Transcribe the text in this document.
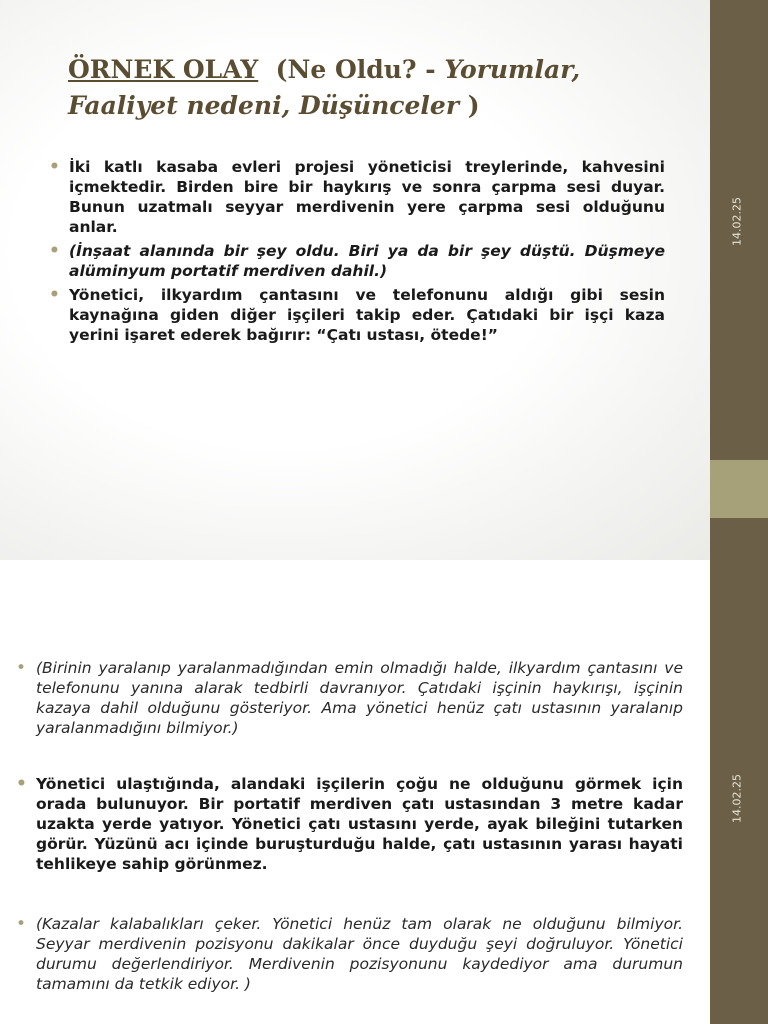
14.02.25
14.02.25
ÖRNEK OLAY (Ne Oldu? - Yorumlar, Faaliyet nedeni, Düşünceler )
• İki katlı kasaba evleri projesi yöneticisi treylerinde, kahvesini içmektedir. Birden bire bir haykırış ve sonra çarpma sesi duyar. Bunun uzatmalı seyyar merdivenin yere çarpma sesi olduğunu anlar.
• (İnşaat alanında bir şey oldu. Biri ya da bir şey düştü. Düşmeye alüminyum portatif merdiven dahil.)
• Yönetici, ilkyardım çantasını ve telefonunu aldığı gibi sesin kaynağına giden diğer işçileri takip eder. Çatıdaki bir işçi kaza yerini işaret ederek bağırır: “Çatı ustası, ötede!”
• (Birinin yaralanıp yaralanmadığından emin olmadığı halde, ilkyardım çantasını ve telefonunu yanına alarak tedbirli davranıyor. Çatıdaki işçinin haykırışı, işçinin kazaya dahil olduğunu gösteriyor. Ama yönetici henüz çatı ustasının yaralanıp yaralanmadığını bilmiyor.)
• Yönetici ulaştığında, alandaki işçilerin çoğu ne olduğunu görmek için orada bulunuyor. Bir portatif merdiven çatı ustasından 3 metre kadar uzakta yerde yatıyor. Yönetici çatı ustasını yerde, ayak bileğini tutarken görür. Yüzünü acı içinde buruşturduğu halde, çatı ustasının yarası hayati tehlikeye sahip görünmez.
• (Kazalar kalabalıkları çeker. Yönetici henüz tam olarak ne olduğunu bilmiyor. Seyyar merdivenin pozisyonu dakikalar önce duyduğu şeyi doğruluyor. Yönetici durumu değerlendiriyor. Merdivenin pozisyonunu kaydediyor ama durumun tamamını da tetkik ediyor. )
